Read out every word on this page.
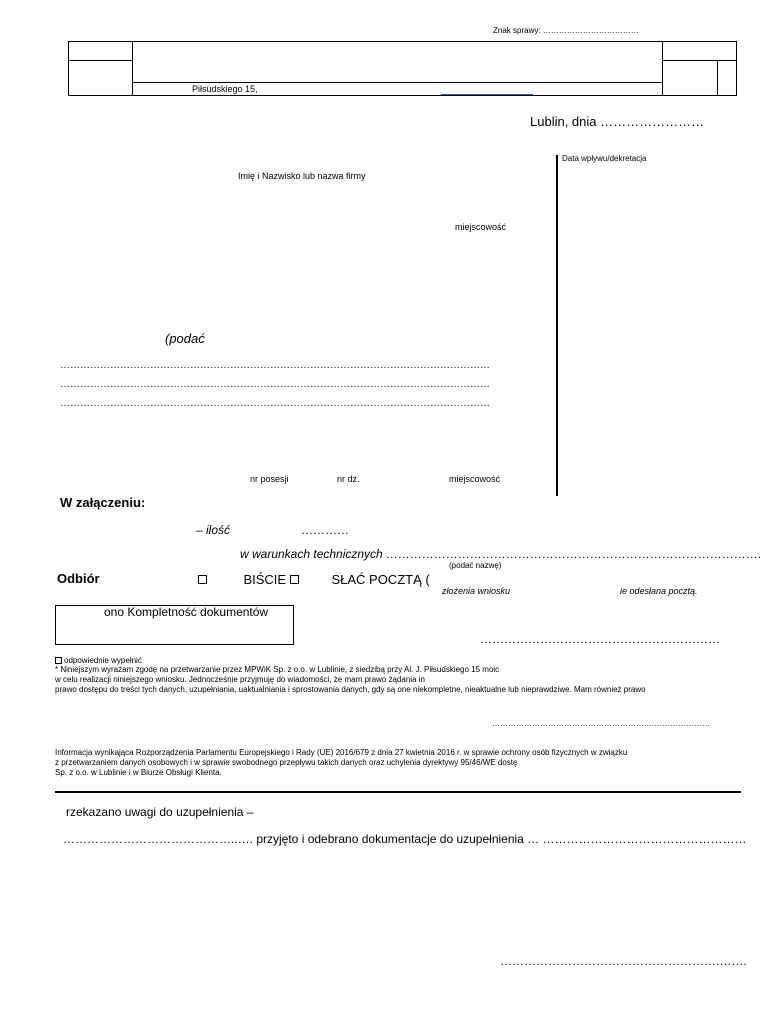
Znak sprawy: ………………………………
Piłsudskiego 15,
Lublin, dnia ……………………
Data wpływu/dekretacja
Imię i Nazwisko lub nazwa firmy
miejscowość
(podać
…………………………………………………………………………………………………………………
…………………………………………………………………………………………………………………
…………………………………………………………………………………………………………………
nr posesji	nr dz.	miejscowość
W załączeniu:
– ilość	…………
w warunkach technicznych ………………………………………………………………………………….
(podać nazwę)
Odbiór	BIŚCIE	SŁAĆ POCZTĄ (
złożenia wniosku	ie odesłana pocztą.
ono Kompletność dokumentów
……………………………………………………
odpowiednie wypełnić
* Niniejszym wyrażam zgodę na przetwarzanie przez MPWiK Sp. z o.o. w Lublinie, z siedzibą przy Al. J. Piłsudskiego 15 moic
w celu realizacji niniejszego wniosku. Jednocześnie przyjmuję do wiadomości, że mam prawo żądania in
prawo dostępu do treści tych danych, uzupełniania, uaktualniania i sprostowania danych, gdy są one niekompletne, nieaktualne lub nieprawdziwe. Mam również prawo
………………………………………………….……………………
Informacja wynikająca Rozporządzenia Parlamentu Europejskiego i Rady (UE) 2016/679 z dnia 27 kwietnia 2016 r. w sprawie ochrony osób fizycznych w związku
z przetwarzaniem danych osobowych i w sprawie swobodnego przepływu takich danych oraz uchylenia dyrektywy 95/46/WE dostę
Sp. z o.o. w Lublinie i w Biurze Obsługi Klienta.
rzekazano uwagi do uzupełnienia –
……………………………………..…. przyjęto i odebrano dokumentacje do uzupełnienia … ……………………………………………
……………………………………………….…….
